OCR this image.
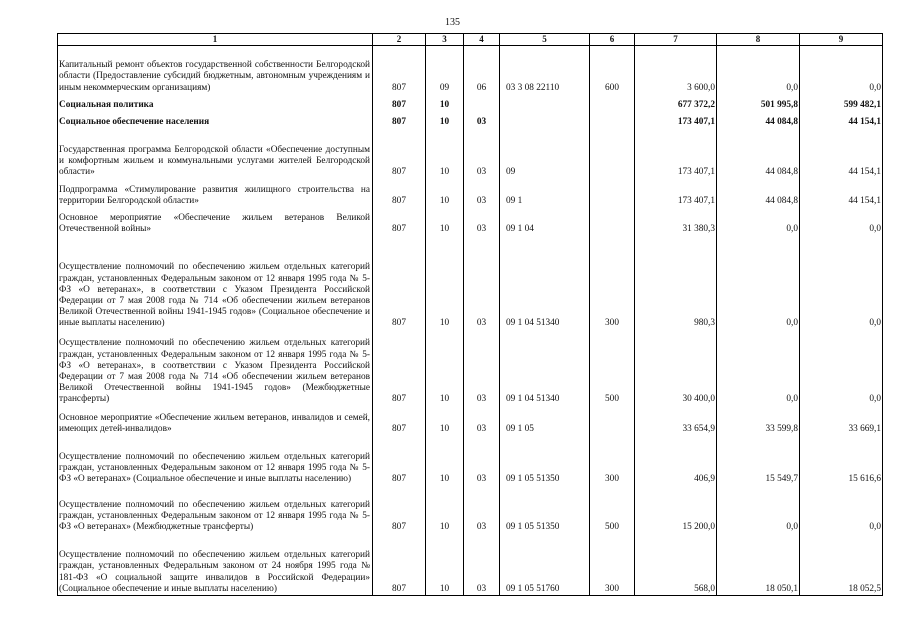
135
1	2	3	4	5	6	7	8	9
Капитальный ремонт объектов государственной собственности Белгородской области (Предоставление субсидий бюджетным, автономным учреждениям и иным некоммерческим организациям)	807	09	06	03 3 08 22110	600	3 600,0	0,0	0,0
Социальная политика	807	10				677 372,2	501 995,8	599 482,1
Социальное обеспечение населения	807	10	03			173 407,1	44 084,8	44 154,1
Государственная программа Белгородской области «Обеспечение доступным и комфортным жильем и коммунальными услугами жителей Белгородской области»	807	10	03	09		173 407,1	44 084,8	44 154,1
Подпрограмма «Стимулирование развития жилищного строительства на территории Белгородской области»	807	10	03	09 1		173 407,1	44 084,8	44 154,1
Основное мероприятие «Обеспечение жильем ветеранов Великой Отечественной войны»	807	10	03	09 1 04		31 380,3	0,0	0,0
Осуществление полномочий по обеспечению жильем отдельных категорий граждан, установленных Федеральным законом от 12 января 1995 года № 5-ФЗ «О ветеранах», в соответствии с Указом Президента Российской Федерации от 7 мая 2008 года № 714 «Об обеспечении жильем ветеранов Великой Отечественной войны 1941-1945 годов» (Социальное обеспечение и иные выплаты населению)	807	10	03	09 1 04 51340	300	980,3	0,0	0,0
Осуществление полномочий по обеспечению жильем отдельных категорий граждан, установленных Федеральным законом от 12 января 1995 года № 5-ФЗ «О ветеранах», в соответствии с Указом Президента Российской Федерации от 7 мая 2008 года № 714 «Об обеспечении жильем ветеранов Великой Отечественной войны 1941-1945 годов» (Межбюджетные трансферты)	807	10	03	09 1 04 51340	500	30 400,0	0,0	0,0
Основное мероприятие «Обеспечение жильем ветеранов, инвалидов и семей, имеющих детей-инвалидов»	807	10	03	09 1 05		33 654,9	33 599,8	33 669,1
Осуществление полномочий по обеспечению жильем отдельных категорий граждан, установленных Федеральным законом от 12 января 1995 года № 5-ФЗ «О ветеранах» (Социальное обеспечение и иные выплаты населению)	807	10	03	09 1 05 51350	300	406,9	15 549,7	15 616,6
Осуществление полномочий по обеспечению жильем отдельных категорий граждан, установленных Федеральным законом от 12 января 1995 года № 5-ФЗ «О ветеранах» (Межбюджетные трансферты)	807	10	03	09 1 05 51350	500	15 200,0	0,0	0,0
Осуществление полномочий по обеспечению жильем отдельных категорий граждан, установленных Федеральным законом от 24 ноября 1995 года № 181-ФЗ «О социальной защите инвалидов в Российской Федерации» (Социальное обеспечение и иные выплаты населению)	807	10	03	09 1 05 51760	300	568,0	18 050,1	18 052,5
